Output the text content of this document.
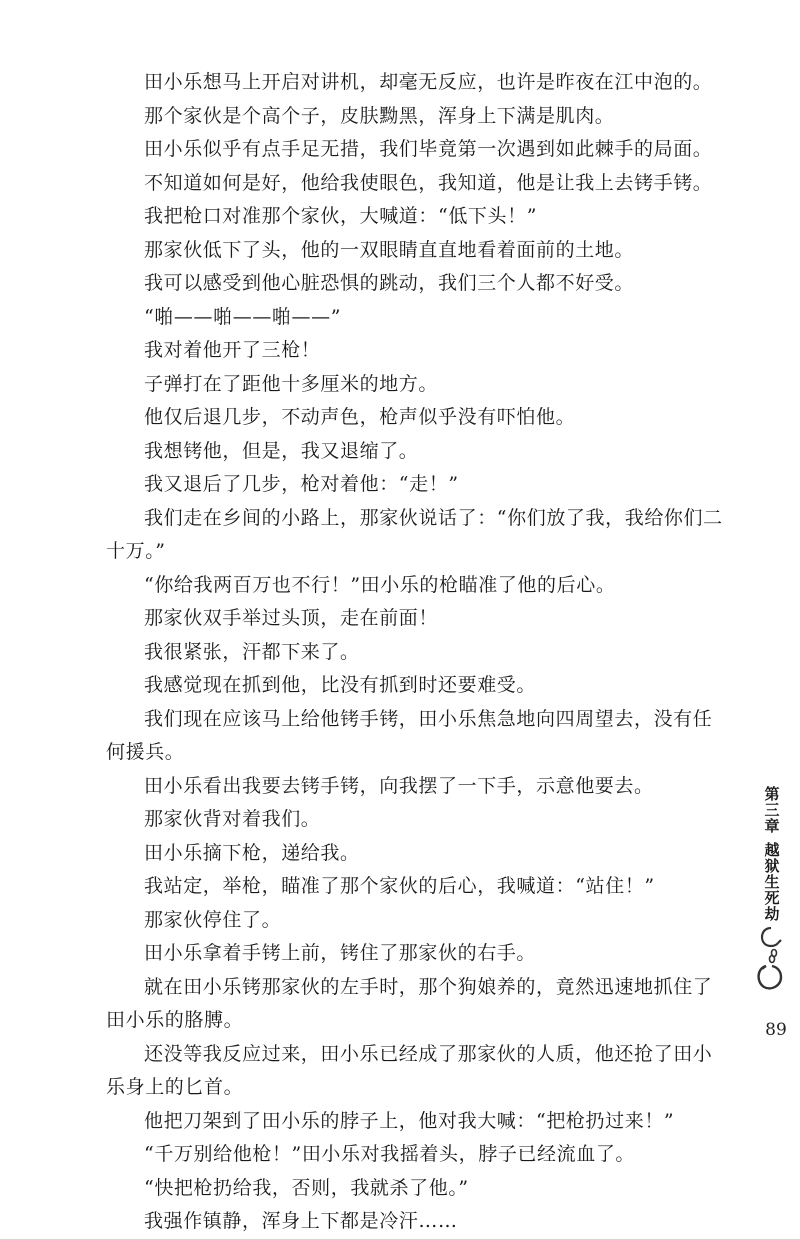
田小乐想马上开启对讲机，却毫无反应，也许是昨夜在江中泡的。

那个家伙是个高个子，皮肤黝黑，浑身上下满是肌肉。

田小乐似乎有点手足无措，我们毕竟第一次遇到如此棘手的局面。

不知道如何是好，他给我使眼色，我知道，他是让我上去铐手铐。

我把枪口对准那个家伙，大喊道：“低下头！”

那家伙低下了头，他的一双眼睛直直地看着面前的土地。

我可以感受到他心脏恐惧的跳动，我们三个人都不好受。

“啪——啪——啪——”

我对着他开了三枪！

子弹打在了距他十多厘米的地方。

他仅后退几步，不动声色，枪声似乎没有吓怕他。

我想铐他，但是，我又退缩了。

我又退后了几步，枪对着他：“走！”

我们走在乡间的小路上，那家伙说话了：“你们放了我，我给你们二十万。”

“你给我两百万也不行！”田小乐的枪瞄准了他的后心。

那家伙双手举过头顶，走在前面！

我很紧张，汗都下来了。

我感觉现在抓到他，比没有抓到时还要难受。

我们现在应该马上给他铐手铐，田小乐焦急地向四周望去，没有任何援兵。

田小乐看出我要去铐手铐，向我摆了一下手，示意他要去。

那家伙背对着我们。

田小乐摘下枪，递给我。

我站定，举枪，瞄准了那个家伙的后心，我喊道：“站住！”

那家伙停住了。

田小乐拿着手铐上前，铐住了那家伙的右手。

就在田小乐铐那家伙的左手时，那个狗娘养的，竟然迅速地抓住了田小乐的胳膊。

还没等我反应过来，田小乐已经成了那家伙的人质，他还抢了田小乐身上的匕首。

他把刀架到了田小乐的脖子上，他对我大喊：“把枪扔过来！”

“千万别给他枪！”田小乐对我摇着头，脖子已经流血了。

“快把枪扔给我，否则，我就杀了他。”

我强作镇静，浑身上下都是冷汗……

第三章
越狱生死劫
89
